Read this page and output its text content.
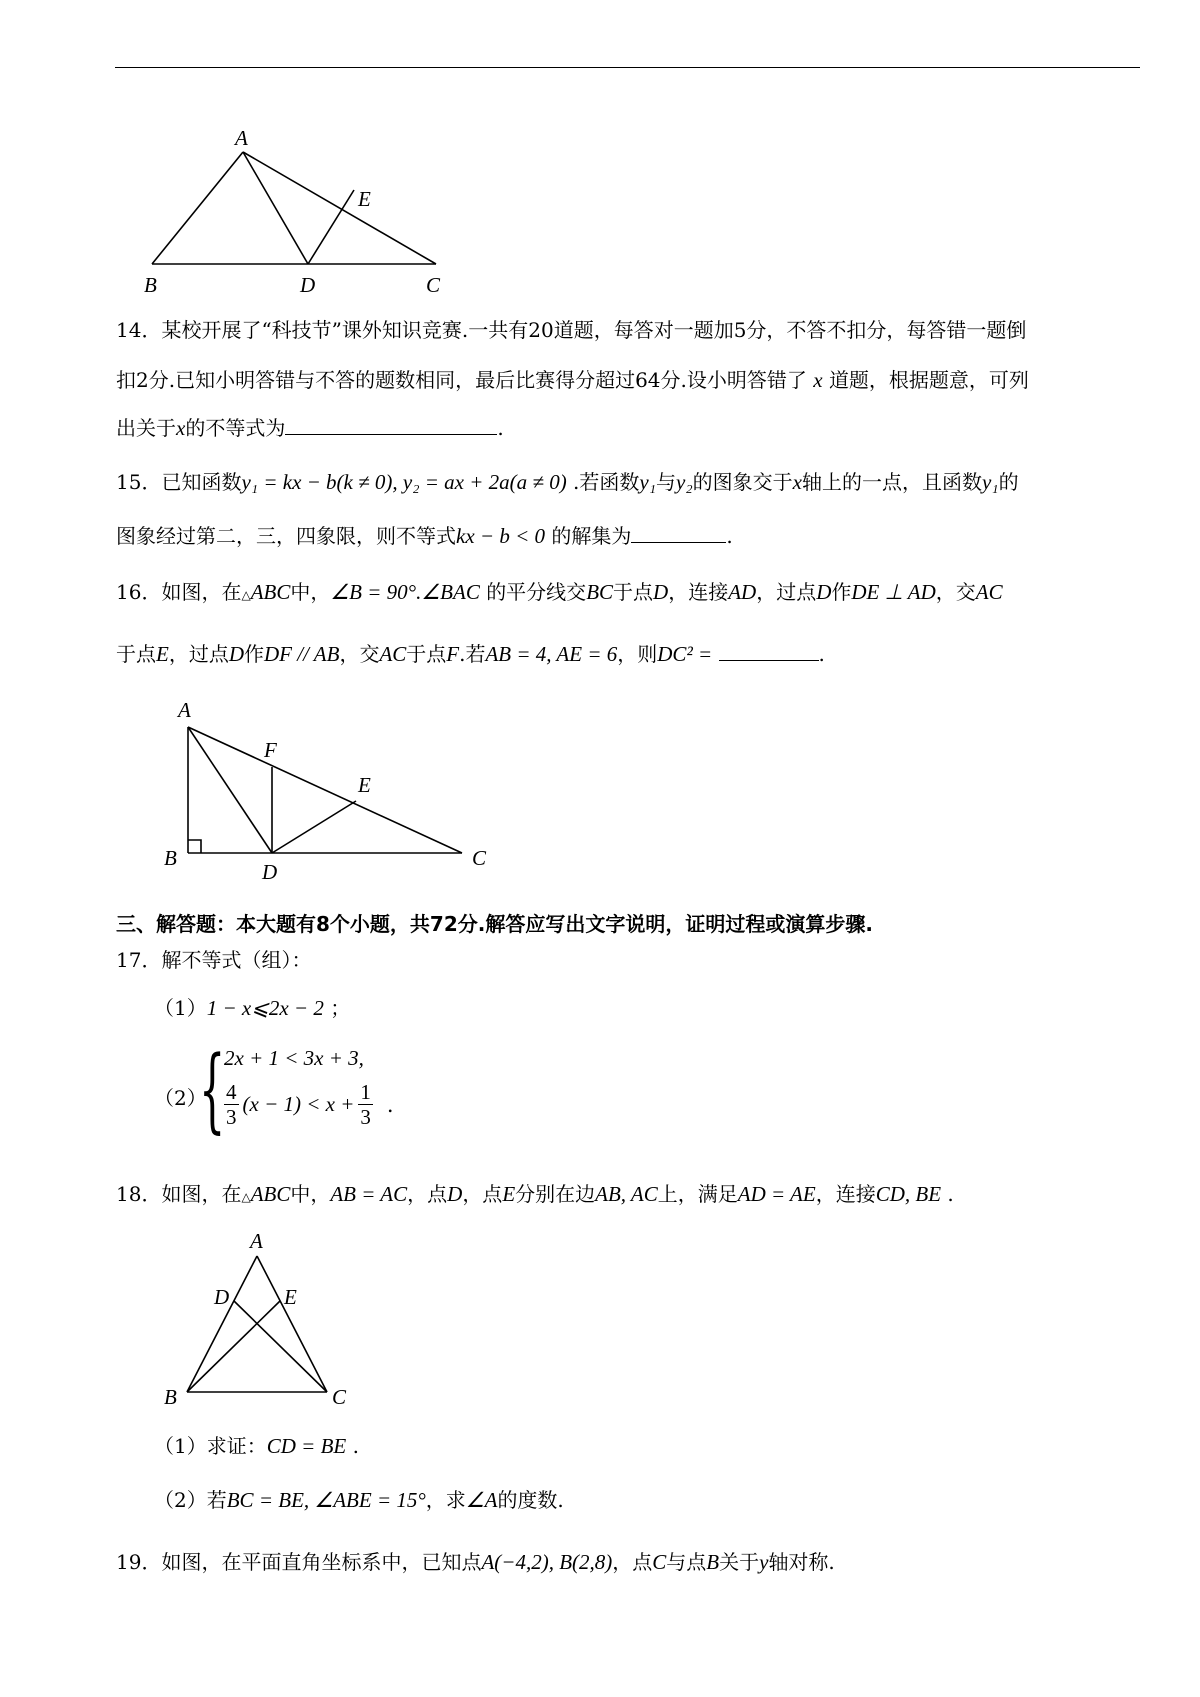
A
B	D	C
E
14．某校开展了“科技节”课外知识竞赛.一共有20道题，每答对一题加5分，不答不扣分，每答错一题倒
扣2分.已知小明答错与不答的题数相同，最后比赛得分超过64分.设小明答错了 x 道题，根据题意，可列
出关于x的不等式为	.
15．已知函数y₁ = kx − b(k ≠ 0), y₂ = ax + 2a(a ≠ 0) .若函数y₁与y₂的图象交于x轴上的一点，且函数y₁的
图象经过第二，三，四象限，则不等式kx − b < 0 的解集为	.
16．如图，在△ABC中，∠B = 90°.∠BAC 的平分线交BC于点D，连接AD，过点D作DE ⊥ AD，交AC
于点E，过点D作DF // AB，交AC于点F.若AB = 4, AE = 6，则DC² =	.
A
F
E
B
D
C
三、解答题：本大题有8个小题，共72分.解答应写出文字说明，证明过程或演算步骤.
17．解不等式（组）：
（1）1 − x⩽2x − 2 ；
（2）
{
2x + 1 < 3x + 3,
$\frac{4}{3} (x - 1) < x + \frac{1}{3}$ .
18．如图，在△ABC中，AB = AC，点D，点E分别在边AB, AC上，满足AD = AE，连接CD, BE .
A
D	E
B	C
（1）求证：CD = BE .
（2）若BC = BE, ∠ABE = 15°，求∠A的度数.
19．如图，在平面直角坐标系中，已知点A(−4,2), B(2,8)，点C与点B关于y轴对称.
